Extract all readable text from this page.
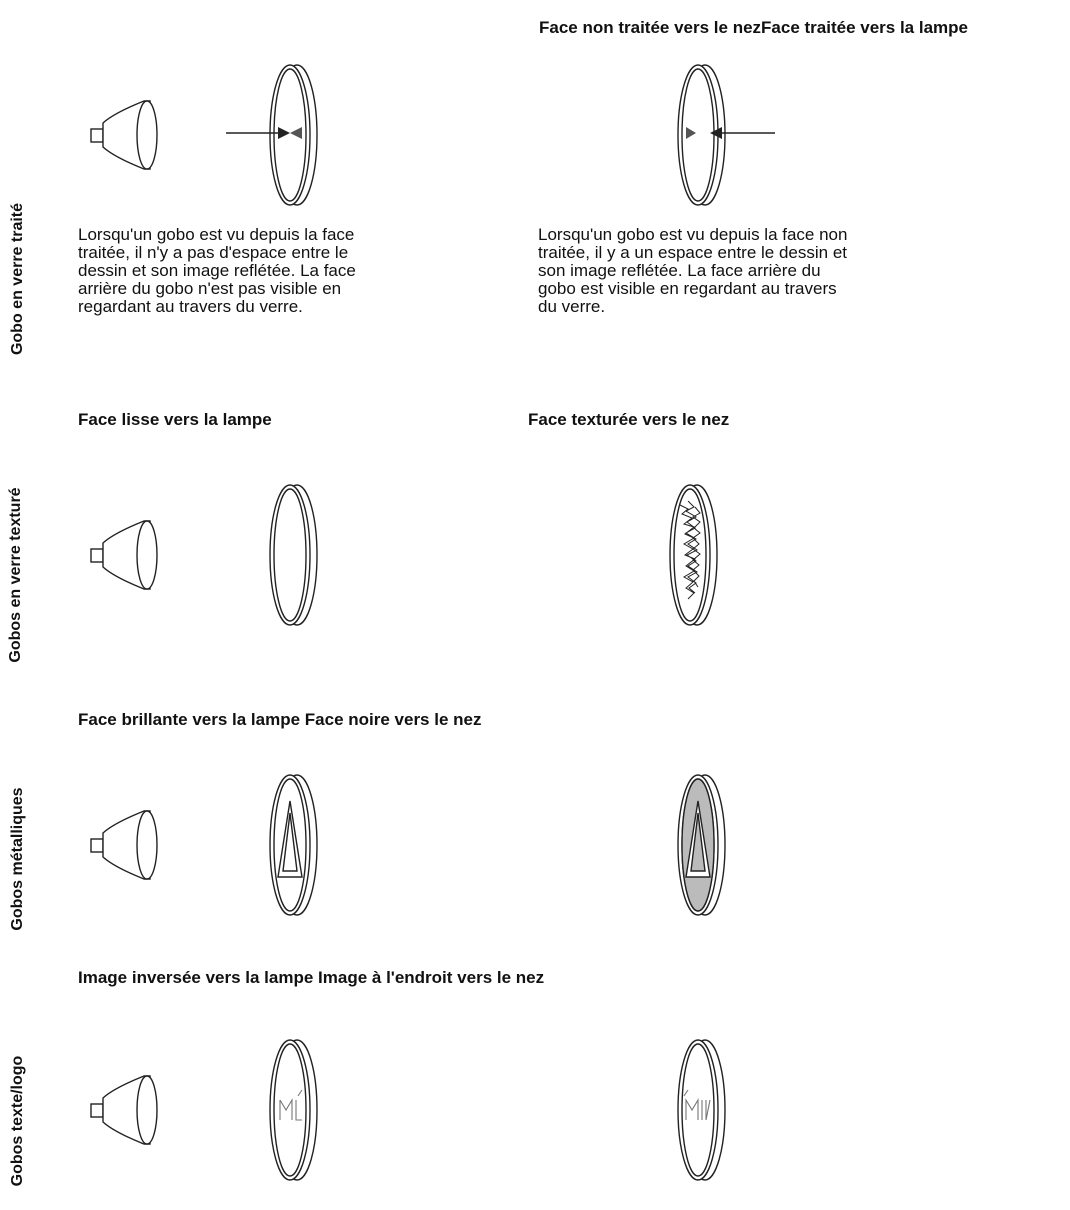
Gobo en verre traité
Gobos en verre texturé
Gobos métalliques
Gobos texte/logo
Face non traitée vers le nezFace traitée vers la lampe
Face lisse vers la lampe	Face texturée vers le nez
Face brillante vers la lampe Face noire vers le nez
Image inversée vers la lampe Image à l'endroit vers le nez
Lorsqu'un gobo est vu depuis la face
traitée, il n'y a pas d'espace entre le
dessin et son image reflétée. La face
arrière du gobo n'est pas visible en
regardant au travers du verre.
Lorsqu'un gobo est vu depuis la face non
traitée, il y a un espace entre le dessin et
son image reflétée. La face arrière du
gobo est visible en regardant au travers
du verre.
